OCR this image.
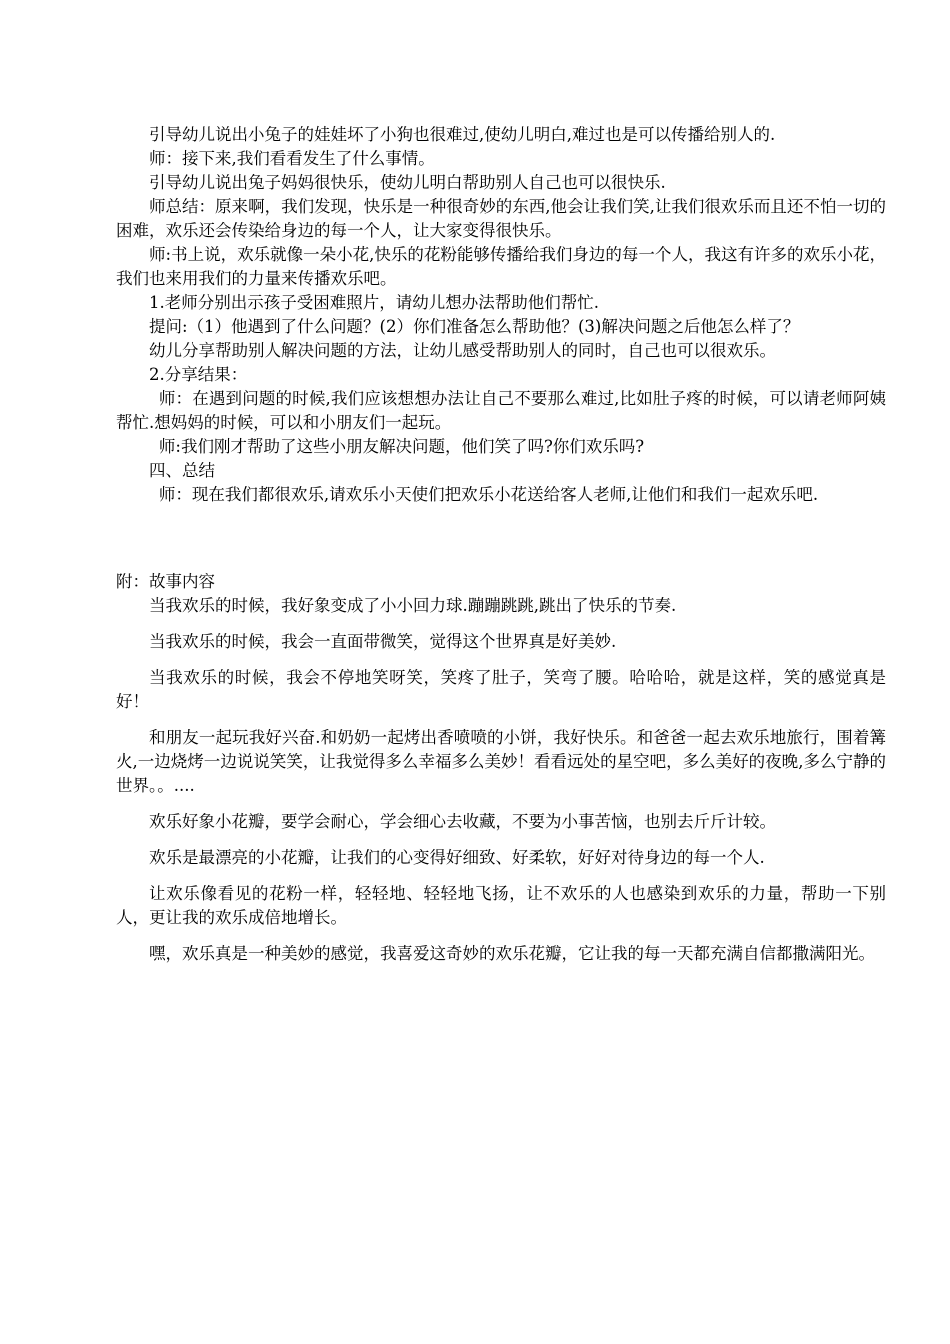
引导幼儿说出小兔子的娃娃坏了小狗也很难过,使幼儿明白,难过也是可以传播给别人的.

师：接下来,我们看看发生了什么事情。

引导幼儿说出兔子妈妈很快乐，使幼儿明白帮助别人自己也可以很快乐.

师总结：原来啊，我们发现，快乐是一种很奇妙的东西,他会让我们笑,让我们很欢乐而且还不怕一切的困难，欢乐还会传染给身边的每一个人，让大家变得很快乐。

师:书上说，欢乐就像一朵小花,快乐的花粉能够传播给我们身边的每一个人，我这有许多的欢乐小花，我们也来用我们的力量来传播欢乐吧。

1.老师分别出示孩子受困难照片，请幼儿想办法帮助他们帮忙.

提问:（1）他遇到了什么问题？(2）你们准备怎么帮助他？(3)解决问题之后他怎么样了？

幼儿分享帮助别人解决问题的方法，让幼儿感受帮助别人的同时，自己也可以很欢乐。

2.分享结果：

师：在遇到问题的时候,我们应该想想办法让自己不要那么难过,比如肚子疼的时候，可以请老师阿姨帮忙.想妈妈的时候，可以和小朋友们一起玩。

师:我们刚才帮助了这些小朋友解决问题，他们笑了吗?你们欢乐吗?

四、总结

师：现在我们都很欢乐,请欢乐小天使们把欢乐小花送给客人老师,让他们和我们一起欢乐吧.

附：故事内容

当我欢乐的时候，我好象变成了小小回力球.蹦蹦跳跳,跳出了快乐的节奏.

当我欢乐的时候，我会一直面带微笑，觉得这个世界真是好美妙.

当我欢乐的时候，我会不停地笑呀笑，笑疼了肚子，笑弯了腰。哈哈哈，就是这样，笑的感觉真是好！

和朋友一起玩我好兴奋.和奶奶一起烤出香喷喷的小饼，我好快乐。和爸爸一起去欢乐地旅行，围着篝火,一边烧烤一边说说笑笑，让我觉得多么幸福多么美妙！看看远处的星空吧，多么美好的夜晚,多么宁静的世界。。....

欢乐好象小花瓣，要学会耐心，学会细心去收藏，不要为小事苦恼，也别去斤斤计较。

欢乐是最漂亮的小花瓣，让我们的心变得好细致、好柔软，好好对待身边的每一个人.

让欢乐像看见的花粉一样，轻轻地、轻轻地飞扬，让不欢乐的人也感染到欢乐的力量，帮助一下别人，更让我的欢乐成倍地增长。

嘿，欢乐真是一种美妙的感觉，我喜爱这奇妙的欢乐花瓣，它让我的每一天都充满自信都撒满阳光。
